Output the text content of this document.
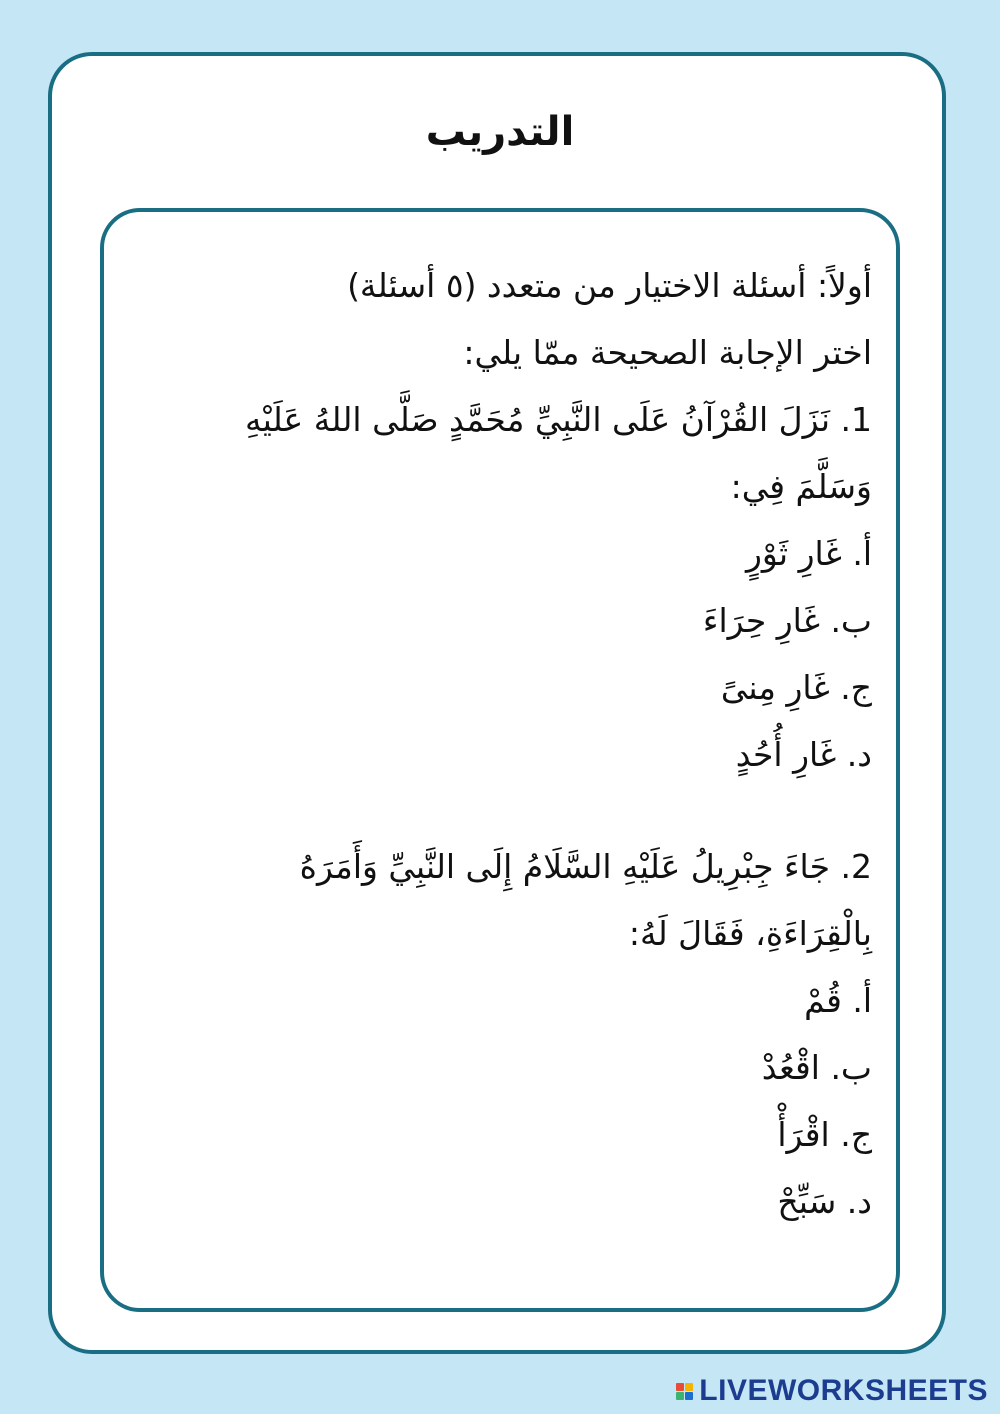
التدريب
أولاً: أسئلة الاختيار من متعدد (٥ أسئلة)
اختر الإجابة الصحيحة ممّا يلي:
1. نَزَلَ القُرْآنُ عَلَى النَّبِيِّ مُحَمَّدٍ صَلَّى اللهُ عَلَيْهِ
وَسَلَّمَ فِي:
أ. غَارِ ثَوْرٍ
ب. غَارِ حِرَاءَ
ج. غَارِ مِنىً
د. غَارِ أُحُدٍ
2. جَاءَ جِبْرِيلُ عَلَيْهِ السَّلَامُ إِلَى النَّبِيِّ وَأَمَرَهُ
بِالْقِرَاءَةِ، فَقَالَ لَهُ:
أ. قُمْ
ب. اقْعُدْ
ج. اقْرَأْ
د. سَبِّحْ
LIVEWORKSHEETS
